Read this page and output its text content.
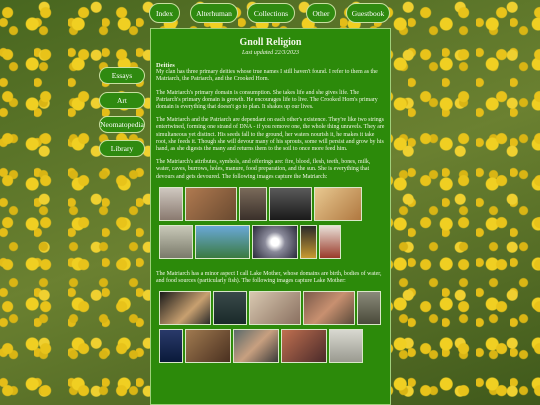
Index	Alterhuman	Collections	Other	Guestbook
Essays
Art
Neomatopedia
Library
Gnoll Religion
Last updated 22/3/2023
Deities

My clan has three primary deities whose true names I still haven't found. I refer to them as the Matriarch, the Patriarch, and the Crooked Horn.

The Matriarch's primary domain is consumption. She takes life and she gives life. The Patriarch's primary domain is growth. He encourages life to live. The Crooked Horn's primary domain is everything that doesn't go to plan. It shakes up our lives.

The Matriarch and the Patriarch are dependant on each other's existence. They're like two strings entertwined, forming one strand of DNA - if you remove one, the whole thing unravels. They are simultaneous yet distinct. His seeds fall to the ground, her waters nourish it, he makes it take root, she feeds it. Though she will devour many of his sprouts, some will persist and grow by his hand, as she digests the many and returns them to the soil to once more feed him.

The Matriarch's attributes, symbols, and offerings are: fire, blood, flesh, teeth, bones, milk, water, caves, burrows, holes, manure, food preparation, and the sun. She is everything that devours and gets devoured. The following images capture the Matriarch:

The Matriarch has a minor aspect I call Lake Mother, whose domains are birth, bodies of water, and food sources (particularly fish). The following images capture Lake Mother:
